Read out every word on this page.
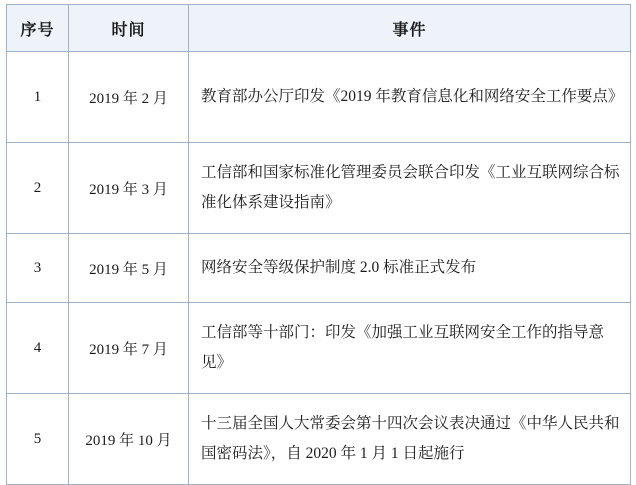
序号	时间	事件
1	2019 年 2 月	教育部办公厅印发《2019 年教育信息化和网络安全工作要点》
2	2019 年 3 月	工信部和国家标准化管理委员会联合印发《工业互联网综合标准化体系建设指南》
3	2019 年 5 月	网络安全等级保护制度 2.0 标准正式发布
4	2019 年 7 月	工信部等十部门：印发《加强工业互联网安全工作的指导意见》
5	2019 年 10 月	十三届全国人大常委会第十四次会议表决通过《中华人民共和国密码法》，自 2020 年 1 月 1 日起施行
